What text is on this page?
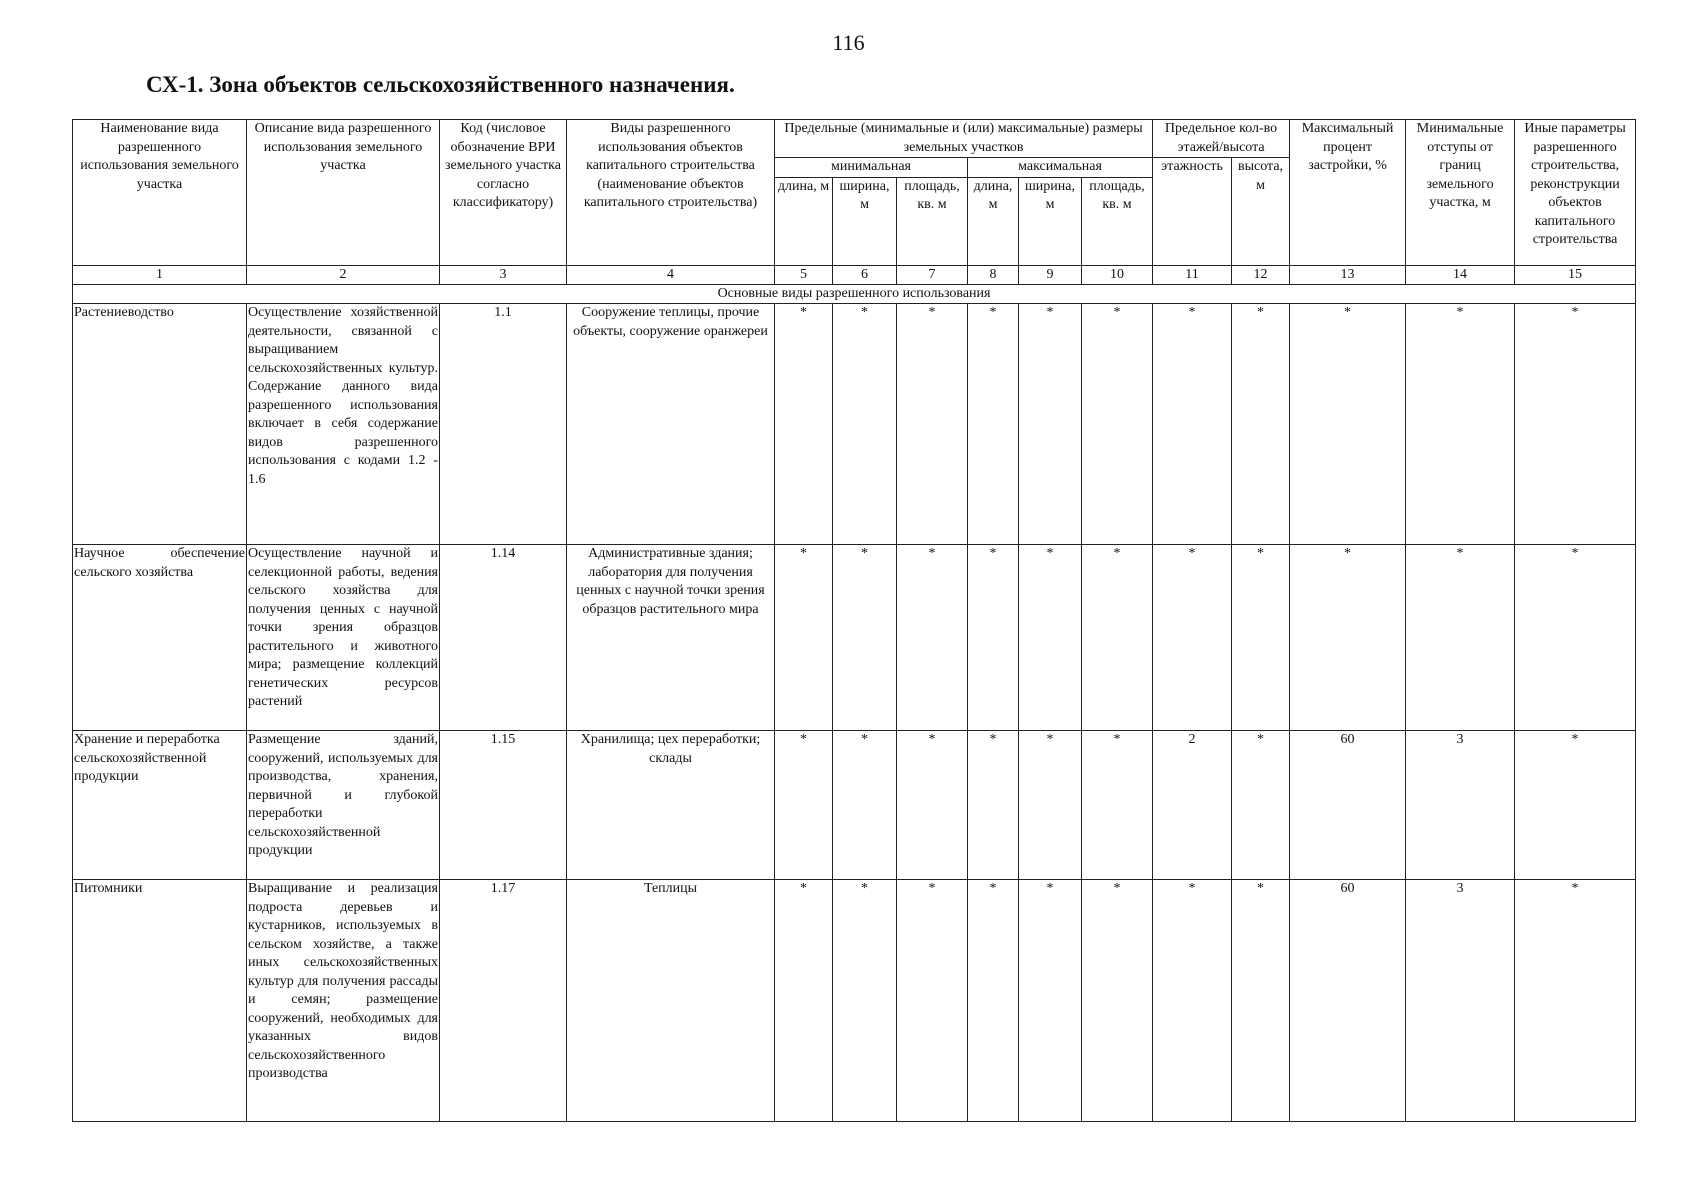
116
СХ-1. Зона объектов сельскохозяйственного назначения.
Наименование вида разрешенного использования земельного участка	Описание вида разрешенного использования земельного участка	Код (числовое обозначение ВРИ земельного участка согласно классификатору)	Виды разрешенного использования объектов капитального строительства (наименование объектов капитального строительства)	Предельные (минимальные и (или) максимальные) размеры земельных участков						Предельное кол-во этажей/высота		Максимальный процент застройки, %	Минимальные отступы от границ земельного участка, м	Иные параметры разрешенного строительства, реконструкции объектов капитального строительства
				минимальная			максимальная			этажность	высота, м			
				длина, м	ширина, м	площадь, кв. м	длина, м	ширина, м	площадь, кв. м					
1	2	3	4	5	6	7	8	9	10	11	12	13	14	15
Основные виды разрешенного использования														
Растениеводство	Осуществление хозяйственной деятельности, связанной с выращиванием сельскохозяйственных культур. Содержание данного вида разрешенного использования включает в себя содержание видов разрешенного использования с кодами 1.2 - 1.6	1.1	Сооружение теплицы, прочие объекты, сооружение оранжереи	*	*	*	*	*	*	*	*	*	*	*
Научное обеспечение сельского хозяйства	Осуществление научной и селекционной работы, ведения сельского хозяйства для получения ценных с научной точки зрения образцов растительного и животного мира; размещение коллекций генетических ресурсов растений	1.14	Административные здания; лаборатория для получения ценных с научной точки зрения образцов растительного мира	*	*	*	*	*	*	*	*	*	*	*
Хранение и переработка сельскохозяйственной продукции	Размещение зданий, сооружений, используемых для производства, хранения, первичной и глубокой переработки сельскохозяйственной продукции	1.15	Хранилища; цех переработки; склады	*	*	*	*	*	*	2	*	60	3	*
Питомники	Выращивание и реализация подроста деревьев и кустарников, используемых в сельском хозяйстве, а также иных сельскохозяйственных культур для получения рассады и семян; размещение сооружений, необходимых для указанных видов сельскохозяйственного производства	1.17	Теплицы	*	*	*	*	*	*	*	*	60	3	*
